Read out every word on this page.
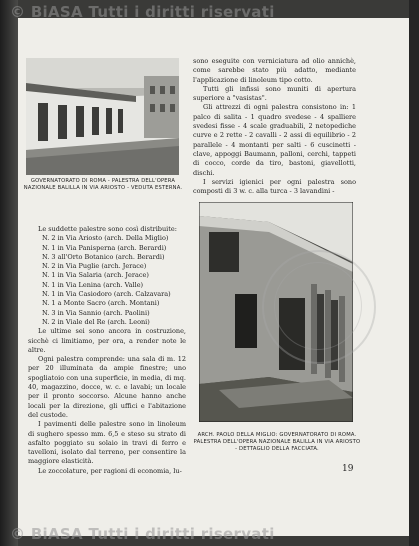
© BiASA Tutti i diritti riservati
GOVERNATORATO DI ROMA - PALESTRA DELL'OPERA NAZIONALE BALILLA IN VIA ARIOSTO - VEDUTA ESTERNA.
ARCH. PAOLO DELLA MIGLIO: GOVERNATORATO DI ROMA. PALESTRA DELL'OPERA NAZIONALE BALILLA IN VIA ARIOSTO - DETTAGLIO DELLA FACCIATA.

sono eseguite con verniciatura ad olio annichè, come sarebbe stato più adatto, mediante l'applicazione di linoleum tipo cotto.

Tutti gli infissi sono muniti di apertura superiore a "vasistas".

Gli attrezzi di ogni palestra consistono in: 1 palco di salita - 1 quadro svedese - 4 spalliere svedesi fisse - 4 scale graduabili, 2 netopediche curve e 2 rette - 2 cavalli - 2 assi di equilibrio - 2 parallele - 4 montanti per salti - 6 cuscinetti - clave, appoggi Baumann, palloni, cerchi, tappeti di cocco, corde da tiro, bastoni, giavellotti, dischi.

I servizi igienici per ogni palestra sono composti di 3 w. c. alla turca - 3 lavandini -

Le suddette palestre sono così distribuite:

N. 2 in Via Ariosto (arch. Della Miglio)
N. 1 in Via Panisperna (arch. Berardi)
N. 3 all'Orto Botanico (arch. Berardi)
N. 2 in Via Puglie (arch. Jerace)
N. 1 in Via Salaria (arch. Jerace)
N. 1 in Via Lenina (arch. Valle)
N. 1 in Via Casiodoro (arch. Calzavara)
N. 1 a Monte Sacro (arch. Montani)
N. 3 in Via Sannio (arch. Paolini)
N. 2 in Viale del Re (arch. Leoni)

Le ultime sei sono ancora in costruzione, sicchè ci limitiamo, per ora, a render note le altre.

Ogni palestra comprende: una sala di m. 12 per 20 illuminata da ampie finestre; uno spogliatoio con una superficie, in media, di mq. 40, magazzino, docce, w. c. e lavabi; un locale per il pronto soccorso. Alcune hanno anche locali per la direzione, gli uffici e l'abitazione del custode.

I pavimenti delle palestre sono in linoleum di sughero spesso mm. 6,5 e steso su strato di asfalto poggiato su solaio in travi di ferro e tavelloni, isolato dal terreno, per consentire la maggiore elasticità.

Le zoccolature, per ragioni di economia, lu-	19
© BiASA Tutti i diritti riservati
